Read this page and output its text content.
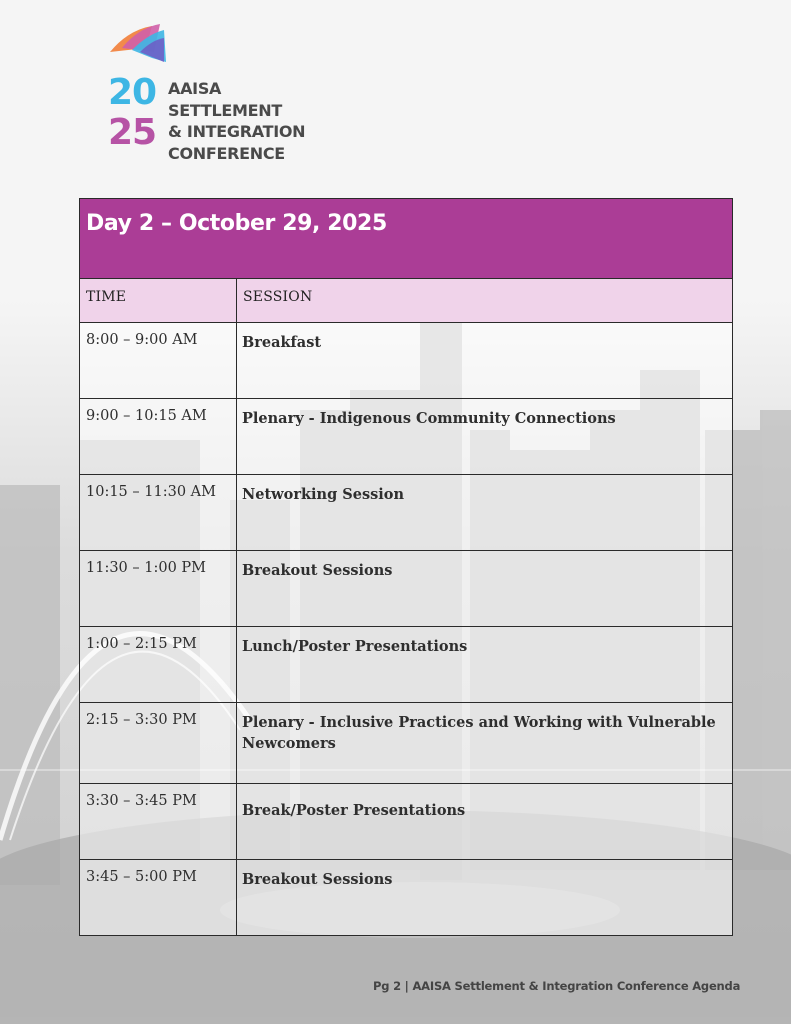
20
25
AAISA
SETTLEMENT
& INTEGRATION
CONFERENCE
Day 2 – October 29, 2025	

TIME	SESSION

8:00 – 9:00 AM	Breakfast

9:00 – 10:15 AM	Plenary - Indigenous Community Connections

10:15 – 11:30 AM	Networking Session

11:30 – 1:00 PM	Breakout Sessions

1:00 – 2:15 PM	Lunch/Poster Presentations

2:15 – 3:30 PM	Plenary - Inclusive Practices and Working with Vulnerable Newcomers

3:30 – 3:45 PM	Break/Poster Presentations

3:45 – 5:00 PM	Breakout Sessions
Pg 2 | AAISA Settlement & Integration Conference Agenda
